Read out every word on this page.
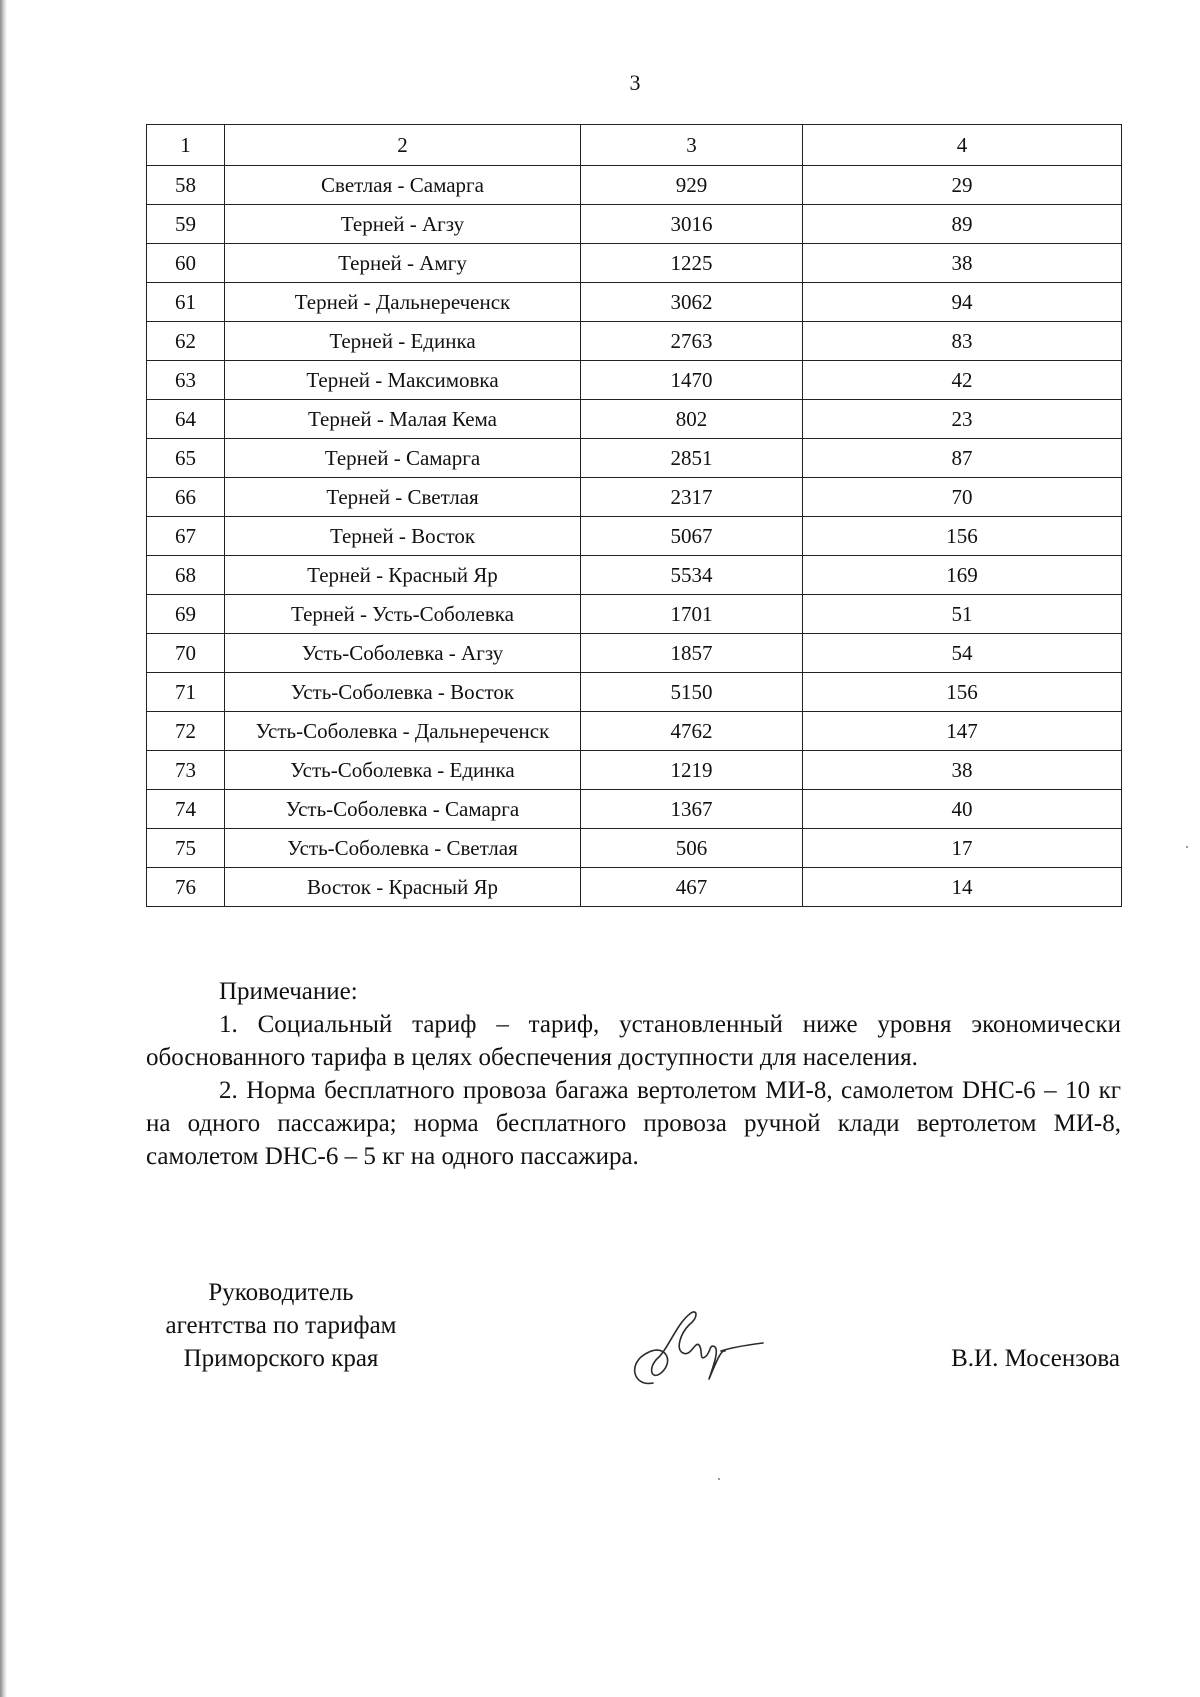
3
1	2	3	4
58	Светлая - Самарга	929	29
59	Терней - Агзу	3016	89
60	Терней - Амгу	1225	38
61	Терней - Дальнереченск	3062	94
62	Терней - Единка	2763	83
63	Терней - Максимовка	1470	42
64	Терней - Малая Кема	802	23
65	Терней - Самарга	2851	87
66	Терней - Светлая	2317	70
67	Терней - Восток	5067	156
68	Терней - Красный Яр	5534	169
69	Терней - Усть-Соболевка	1701	51
70	Усть-Соболевка - Агзу	1857	54
71	Усть-Соболевка - Восток	5150	156
72	Усть-Соболевка - Дальнереченск	4762	147
73	Усть-Соболевка - Единка	1219	38
74	Усть-Соболевка - Самарга	1367	40
75	Усть-Соболевка - Светлая	506	17
76	Восток - Красный Яр	467	14
Примечание:

1. Социальный тариф – тариф, установленный ниже уровня экономически обоснованного тарифа в целях обеспечения доступности для населения.

2. Норма бесплатного провоза багажа вертолетом МИ-8, самолетом DHC-6 – 10 кг на одного пассажира; норма бесплатного провоза ручной клади вертолетом МИ-8, самолетом DHC-6 – 5 кг на одного пассажира.

Руководитель
агентства по тарифам
Приморского края	В.И. Мосензова
